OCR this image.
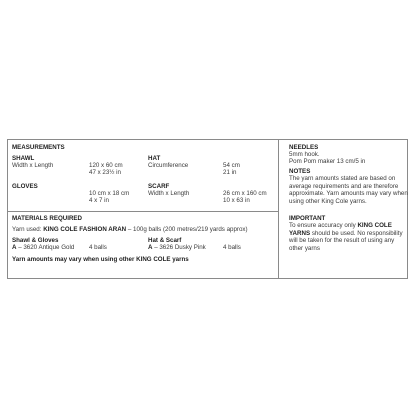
MEASUREMENTS
SHAWL
Width x Length	120 x 60 cm
47 x 23½ in
HAT
Circumference	54 cm
21 in
GLOVES
10 cm x 18 cm
4 x 7 in
SCARF
Width x Length	26 cm x 160 cm
10 x 63 in
MATERIALS REQUIRED
Yarn used: KING COLE FASHION ARAN – 100g balls (200 metres/219 yards approx)
Shawl & Gloves
A – 3620 Antique Gold 4 balls
Hat & Scarf
A – 3626 Dusky Pink	4 balls
Yarn amounts may vary when using other KING COLE yarns
NEEDLES
5mm hook.
Pom Pom maker 13 cm/5 in
NOTES
The yarn amounts stated are based on average requirements and are therefore approximate. Yarn amounts may vary when using other King Cole yarns.
IMPORTANT
To ensure accuracy only KING COLE YARNS should be used. No responsibility will be taken for the result of using any other yarns
